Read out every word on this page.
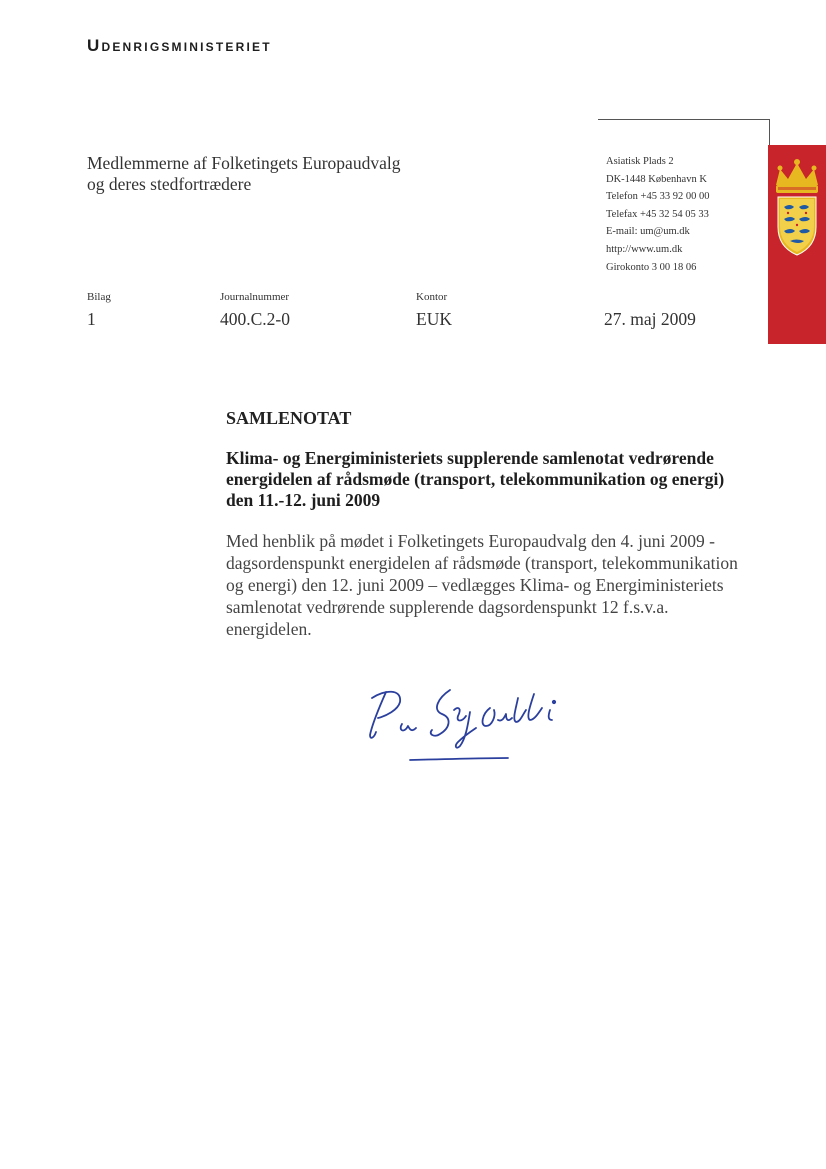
Udenrigsministeriet
Medlemmerne af Folketingets Europaudvalg
og deres stedfortrædere
Asiatisk Plads 2
DK-1448 København K
Telefon +45 33 92 00 00
Telefax +45 32 54 05 33
E-mail: um@um.dk
http://www.um.dk
Girokonto 3 00 18 06
Bilag
1
Journalnummer
400.C.2-0
Kontor
EUK	27. maj 2009
SAMLENOTAT
Klima- og Energiministeriets supplerende samlenotat vedrørende energidelen af rådsmøde (transport, telekommunikation og energi) den 11.-12. juni 2009
Med henblik på mødet i Folketingets Europaudvalg den 4. juni 2009 - dagsordenspunkt energidelen af rådsmøde (transport, telekommunikation og energi) den 12. juni 2009 – vedlægges Klima- og Energiministeriets samlenotat vedrørende supplerende dagsordenspunkt 12 f.s.v.a. energidelen.
